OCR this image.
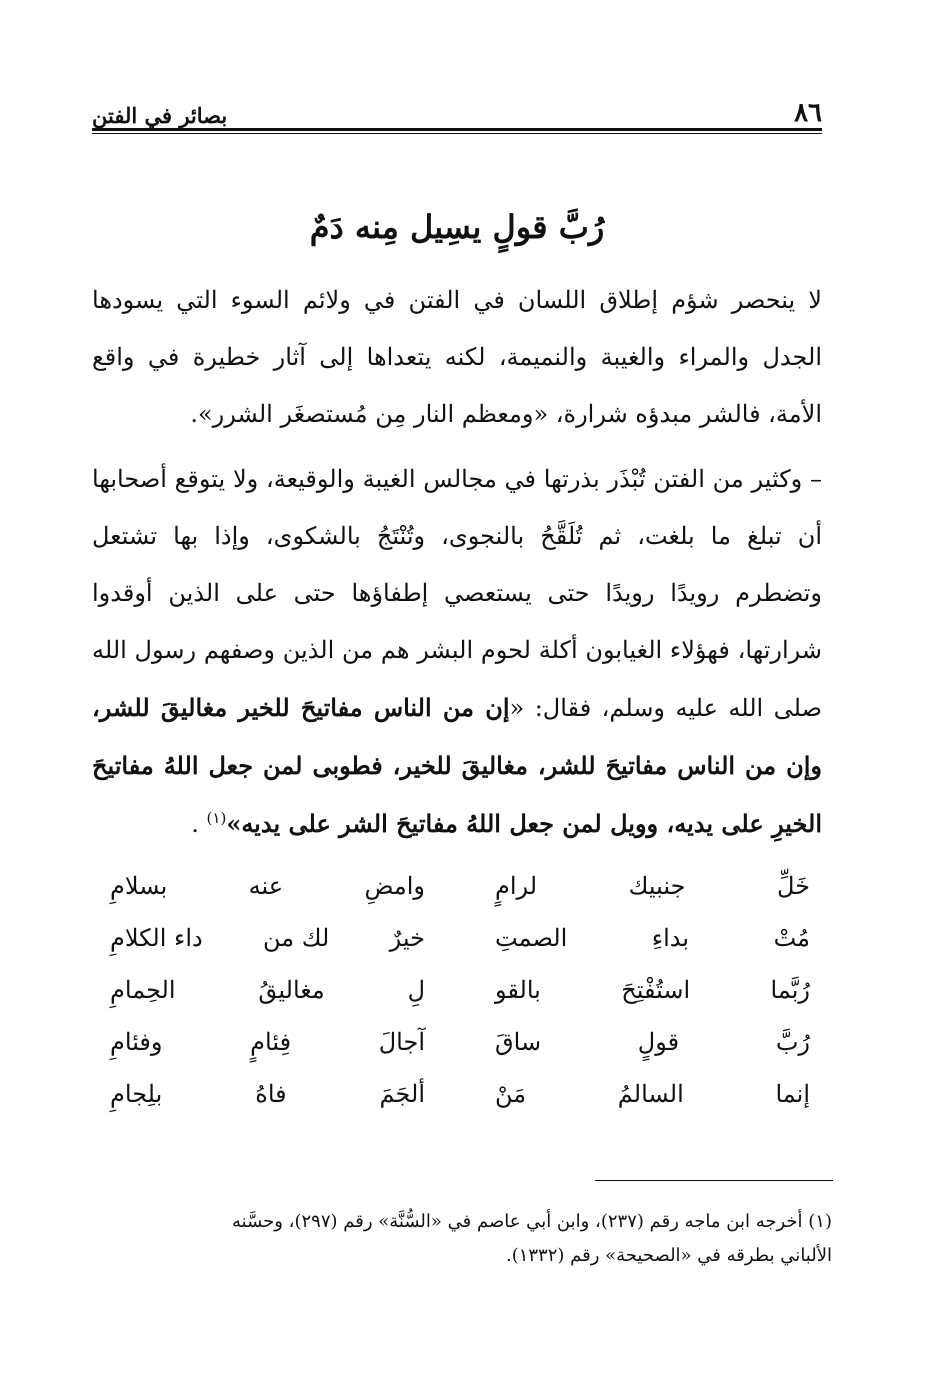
٨٦
بصائر في الفتن
رُبَّ قولٍ يسِيل مِنه دَمٌ

لا ينحصر شؤم إطلاق اللسان في الفتن في ولائم السوء التي يسودها الجدل والمراء والغيبة والنميمة، لكنه يتعداها إلى آثار خطيرة في واقع الأمة، فالشر مبدؤه شرارة، «ومعظم النار مِن مُستصغَر الشرر».

– وكثير من الفتن تُبْذَر بذرتها في مجالس الغيبة والوقيعة، ولا يتوقع أصحابها أن تبلغ ما بلغت، ثم تُلَقَّحُ بالنجوى، وتُنْتَجُ بالشكوى، وإذا بها تشتعل وتضطرم رويدًا رويدًا حتى يستعصي إطفاؤها حتى على الذين أوقدوا شرارتها، فهؤلاء الغيابون أكلة لحوم البشر هم من الذين وصفهم رسول الله صلى الله عليه وسلم، فقال: «إن من الناس مفاتيحَ للخير مغاليقَ للشر، وإن من الناس مفاتيحَ للشر، مغاليقَ للخير، فطوبى لمن جعل اللهُ مفاتيحَ الخيرِ على يديه، وويل لمن جعل اللهُ مفاتيحَ الشر على يديه»$^{(١)}$ .

خَلِّ
جنبيك
لرامٍ
وامضِ
عنه
بسلامِ
مُتْ
بداءِ
الصمتِ
خيرٌ
لك من
داء الكلامِ
رُبَّما
استُفْتِحَ
بالقو
لِ
مغاليقُ
الحِمامِ
رُبَّ
قولٍ
ساقَ
آجالَ
فِئامٍ
وفئامِ
إنما
السالمُ
مَنْ
ألجَمَ
فاهُ
بلِجامِ

(١) أخرجه ابن ماجه رقم (٢٣٧)، وابن أبي عاصم في «السُّنَّة» رقم (٢٩٧)، وحسَّنه

الألباني بطرقه في «الصحيحة» رقم (١٣٣٢).
